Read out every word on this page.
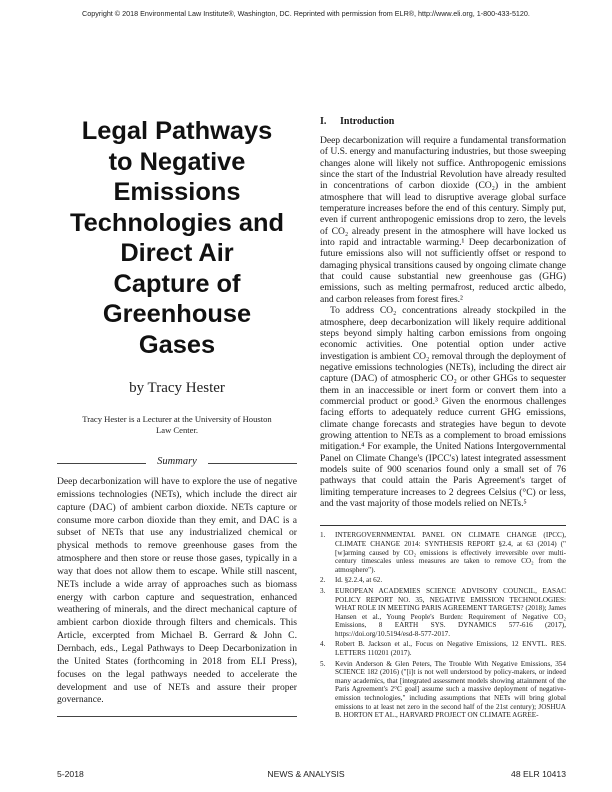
Copyright © 2018 Environmental Law Institute®, Washington, DC. Reprinted with permission from ELR®, http://www.eli.org, 1-800-433-5120.
Legal Pathways
to Negative
Emissions
Technologies and
Direct Air
Capture of
Greenhouse
Gases
by Tracy Hester
Tracy Hester is a Lecturer at the University of Houston Law Center.
Summary

Deep decarbonization will have to explore the use of negative emissions technologies (NETs), which include the direct air capture (DAC) of ambient carbon dioxide. NETs capture or consume more carbon dioxide than they emit, and DAC is a subset of NETs that use any industrialized chemical or physical methods to remove greenhouse gases from the atmosphere and then store or reuse those gases, typically in a way that does not allow them to escape. While still nascent, NETs include a wide array of approaches such as biomass energy with carbon capture and sequestration, enhanced weathering of minerals, and the direct mechanical capture of ambient carbon dioxide through filters and chemicals. This Article, excerpted from Michael B. Gerrard & John C. Dernbach, eds., Legal Pathways to Deep Decarbonization in the United States (forthcoming in 2018 from ELI Press), focuses on the legal pathways needed to accelerate the development and use of NETs and assure their proper governance.

I. Introduction

Deep decarbonization will require a fundamental transformation of U.S. energy and manufacturing industries, but those sweeping changes alone will likely not suffice. Anthropogenic emissions since the start of the Industrial Revolution have already resulted in concentrations of carbon dioxide (CO₂) in the ambient atmosphere that will lead to disruptive average global surface temperature increases before the end of this century. Simply put, even if current anthropogenic emissions drop to zero, the levels of CO₂ already present in the atmosphere will have locked us into rapid and intractable warming.¹ Deep decarbonization of future emissions also will not sufficiently offset or respond to damaging physical transitions caused by ongoing climate change that could cause substantial new greenhouse gas (GHG) emissions, such as melting permafrost, reduced arctic albedo, and carbon releases from forest fires.²

To address CO₂ concentrations already stockpiled in the atmosphere, deep decarbonization will likely require additional steps beyond simply halting carbon emissions from ongoing economic activities. One potential option under active investigation is ambient CO₂ removal through the deployment of negative emissions technologies (NETs), including the direct air capture (DAC) of atmospheric CO₂ or other GHGs to sequester them in an inaccessible or inert form or convert them into a commercial product or good.³ Given the enormous challenges facing efforts to adequately reduce current GHG emissions, climate change forecasts and strategies have begun to devote growing attention to NETs as a complement to broad emissions mitigation.⁴ For example, the United Nations Intergovernmental Panel on Climate Change's (IPCC's) latest integrated assessment models suite of 900 scenarios found only a small set of 76 pathways that could attain the Paris Agreement's target of limiting temperature increases to 2 degrees Celsius (°C) or less, and the vast majority of those models relied on NETs.⁵

1.	INTERGOVERNMENTAL PANEL ON CLIMATE CHANGE (IPCC), CLIMATE CHANGE 2014: SYNTHESIS REPORT §2.4, at 63 (2014) ("[w]arming caused by CO₂ emissions is effectively irreversible over multi-century timescales unless measures are taken to remove CO₂ from the atmosphere").
2.	Id. §2.2.4, at 62.
3.	EUROPEAN ACADEMIES SCIENCE ADVISORY COUNCIL, EASAC POLICY REPORT NO. 35, NEGATIVE EMISSION TECHNOLOGIES: WHAT ROLE IN MEETING PARIS AGREEMENT TARGETS? (2018); James Hansen et al., Young People's Burden: Requirement of Negative CO₂ Emissions, 8 EARTH SYS. DYNAMICS 577-616 (2017), https://doi.org/10.5194/esd-8-577-2017.
4.	Robert B. Jackson et al., Focus on Negative Emissions, 12 ENVTL. RES. LETTERS 110201 (2017).
5.	Kevin Anderson & Glen Peters, The Trouble With Negative Emissions, 354 SCIENCE 182 (2016) ("[i]t is not well understood by policy-makers, or indeed many academics, that [integrated assessment models showing attainment of the Paris Agreement's 2°C goal] assume such a massive deployment of negative-emission technologies," including assumptions that NETs will bring global emissions to at least net zero in the second half of the 21st century); JOSHUA B. HORTON ET AL., HARVARD PROJECT ON CLIMATE AGREE-
5-2018	NEWS & ANALYSIS	48 ELR 10413
